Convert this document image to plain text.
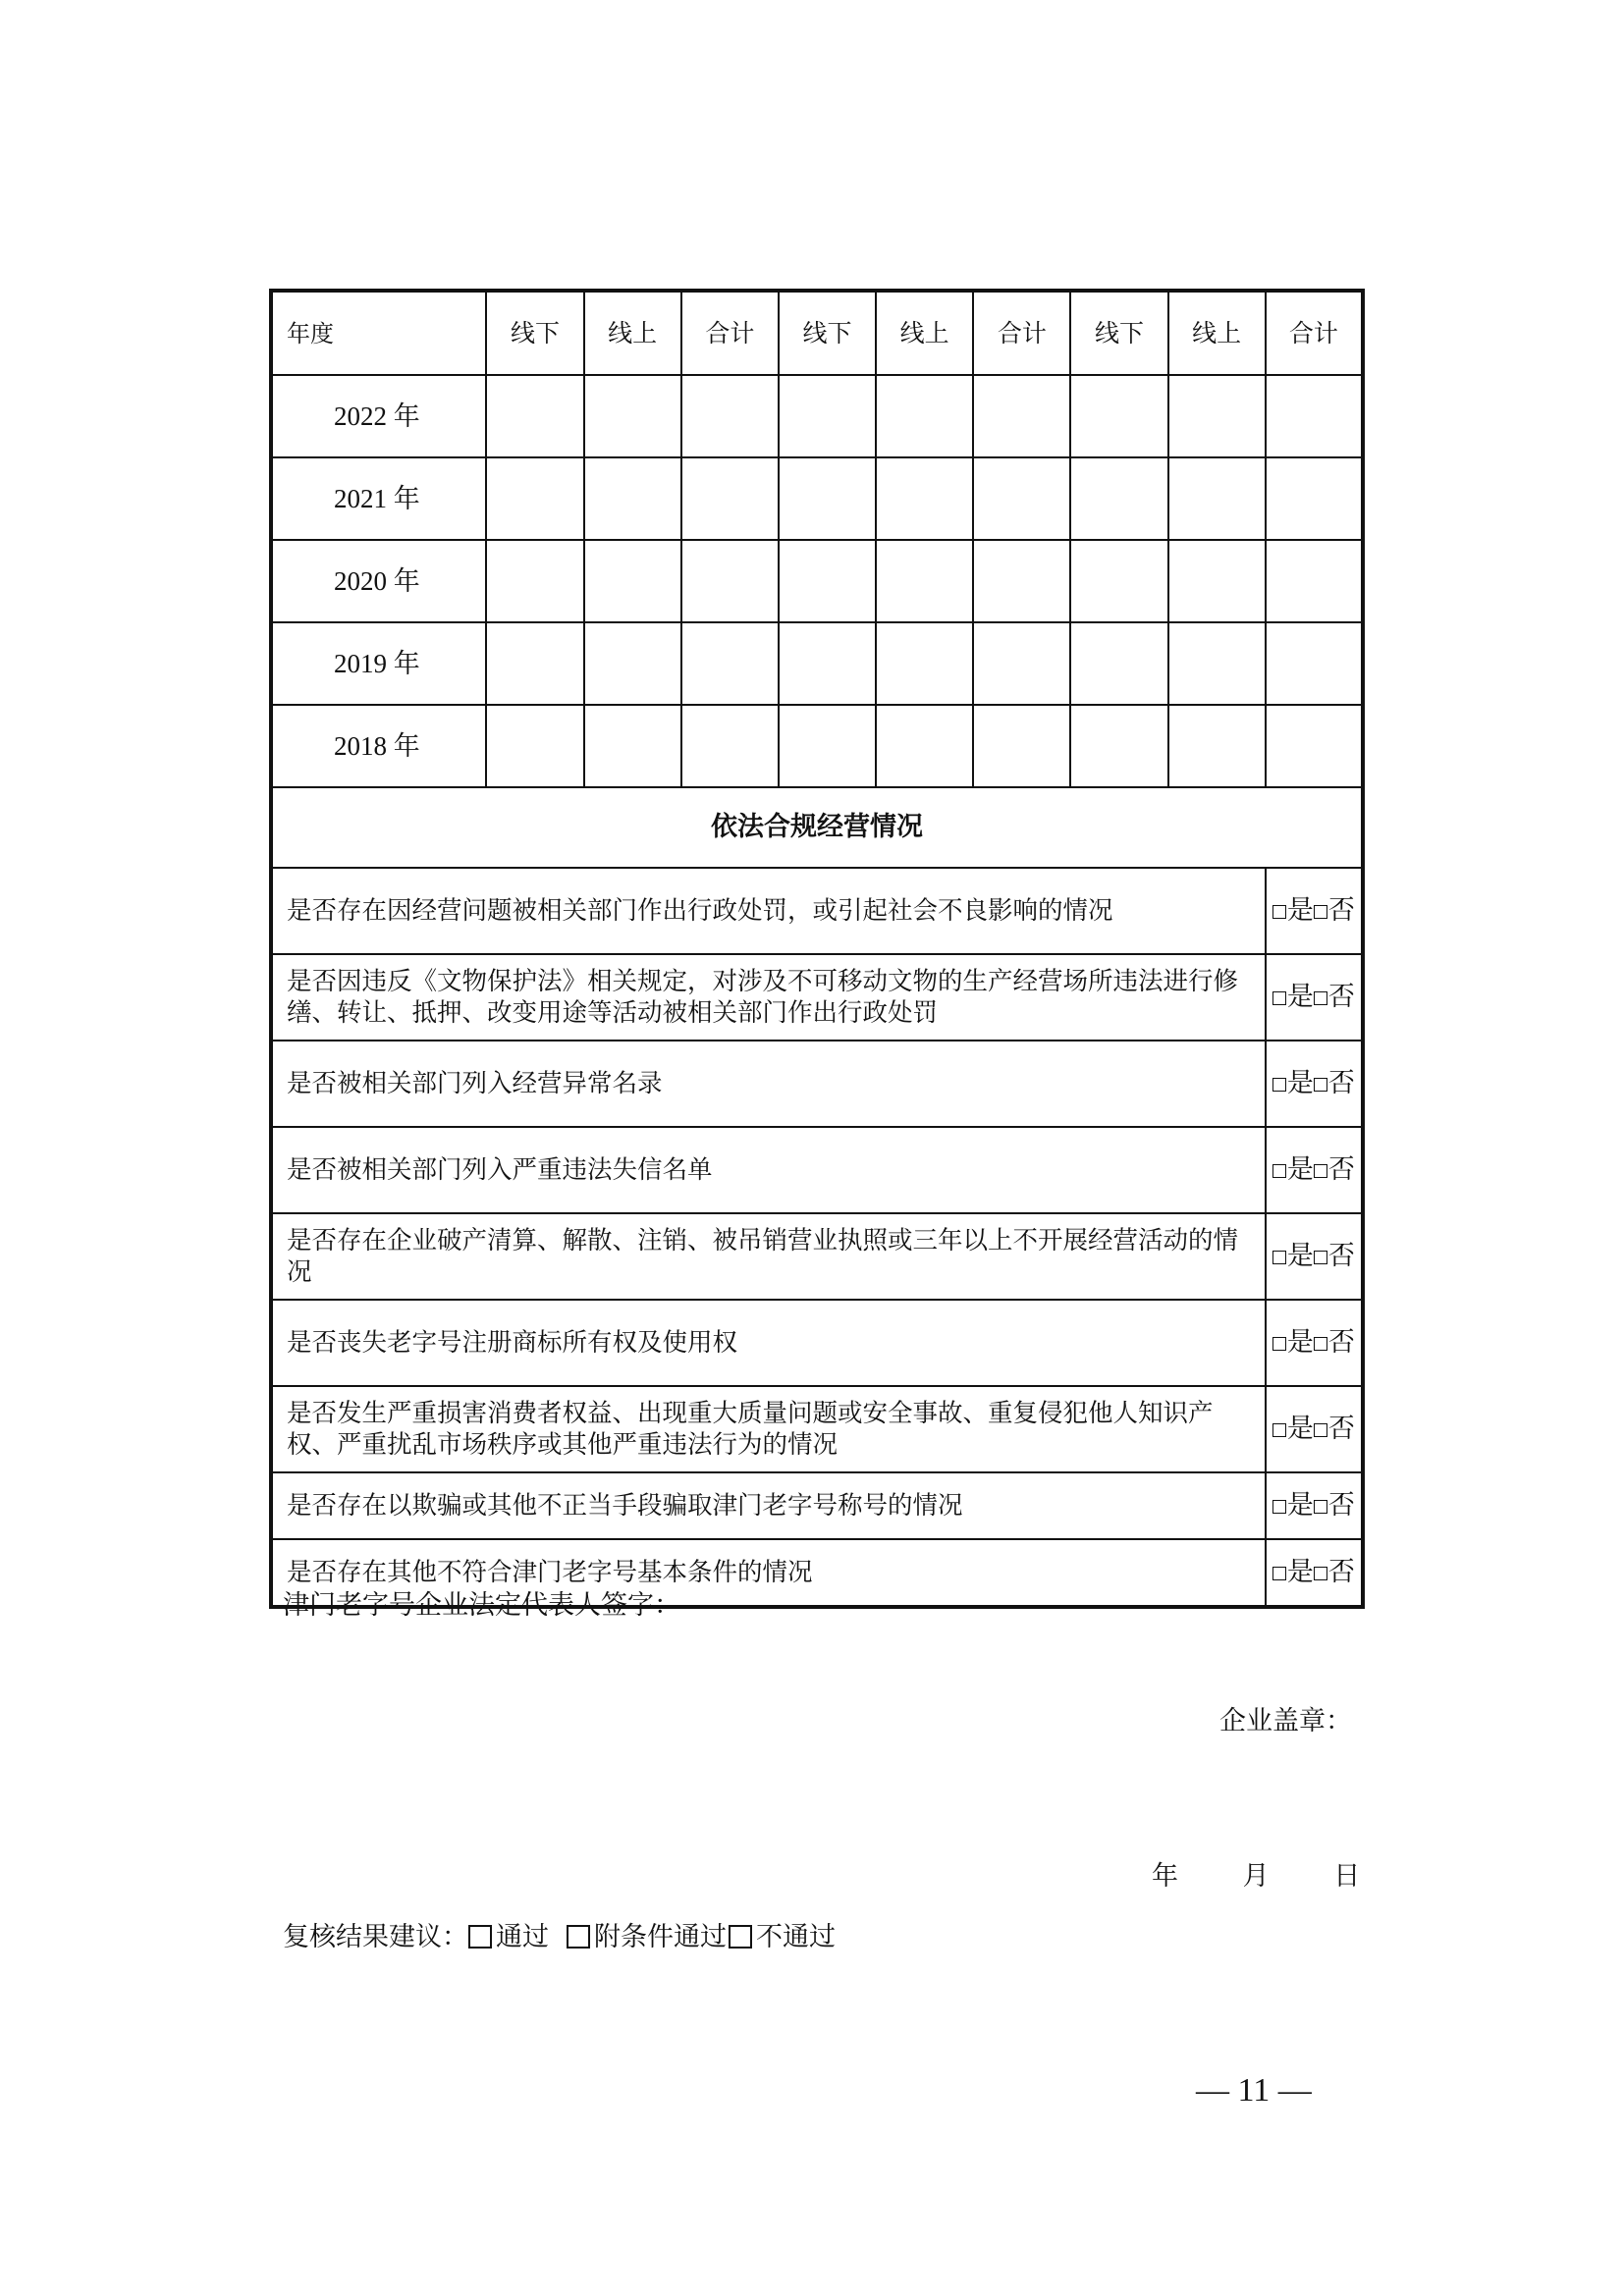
年度	线下	线上	合计	线下	线上	合计	线下	线上	合计
2022 年									
2021 年									
2020 年									
2019 年									
2018 年									
依法合规经营情况									
是否存在因经营问题被相关部门作出行政处罚，或引起社会不良影响的情况									是 否
是否因违反《文物保护法》相关规定，对涉及不可移动文物的生产经营场所违法进行修缮、转让、抵押、改变用途等活动被相关部门作出行政处罚									是 否
是否被相关部门列入经营异常名录									是 否
是否被相关部门列入严重违法失信名单									是 否
是否存在企业破产清算、解散、注销、被吊销营业执照或三年以上不开展经营活动的情况									是 否
是否丧失老字号注册商标所有权及使用权									是 否
是否发生严重损害消费者权益、出现重大质量问题或安全事故、重复侵犯他人知识产权、严重扰乱市场秩序或其他严重违法行为的情况									是 否
是否存在以欺骗或其他不正当手段骗取津门老字号称号的情况									是 否
是否存在其他不符合津门老字号基本条件的情况									是 否
津门老字号企业法定代表人签字：
企业盖章：
年 月 日
复核结果建议： 通过 附条件通过 不通过
— 11 —
